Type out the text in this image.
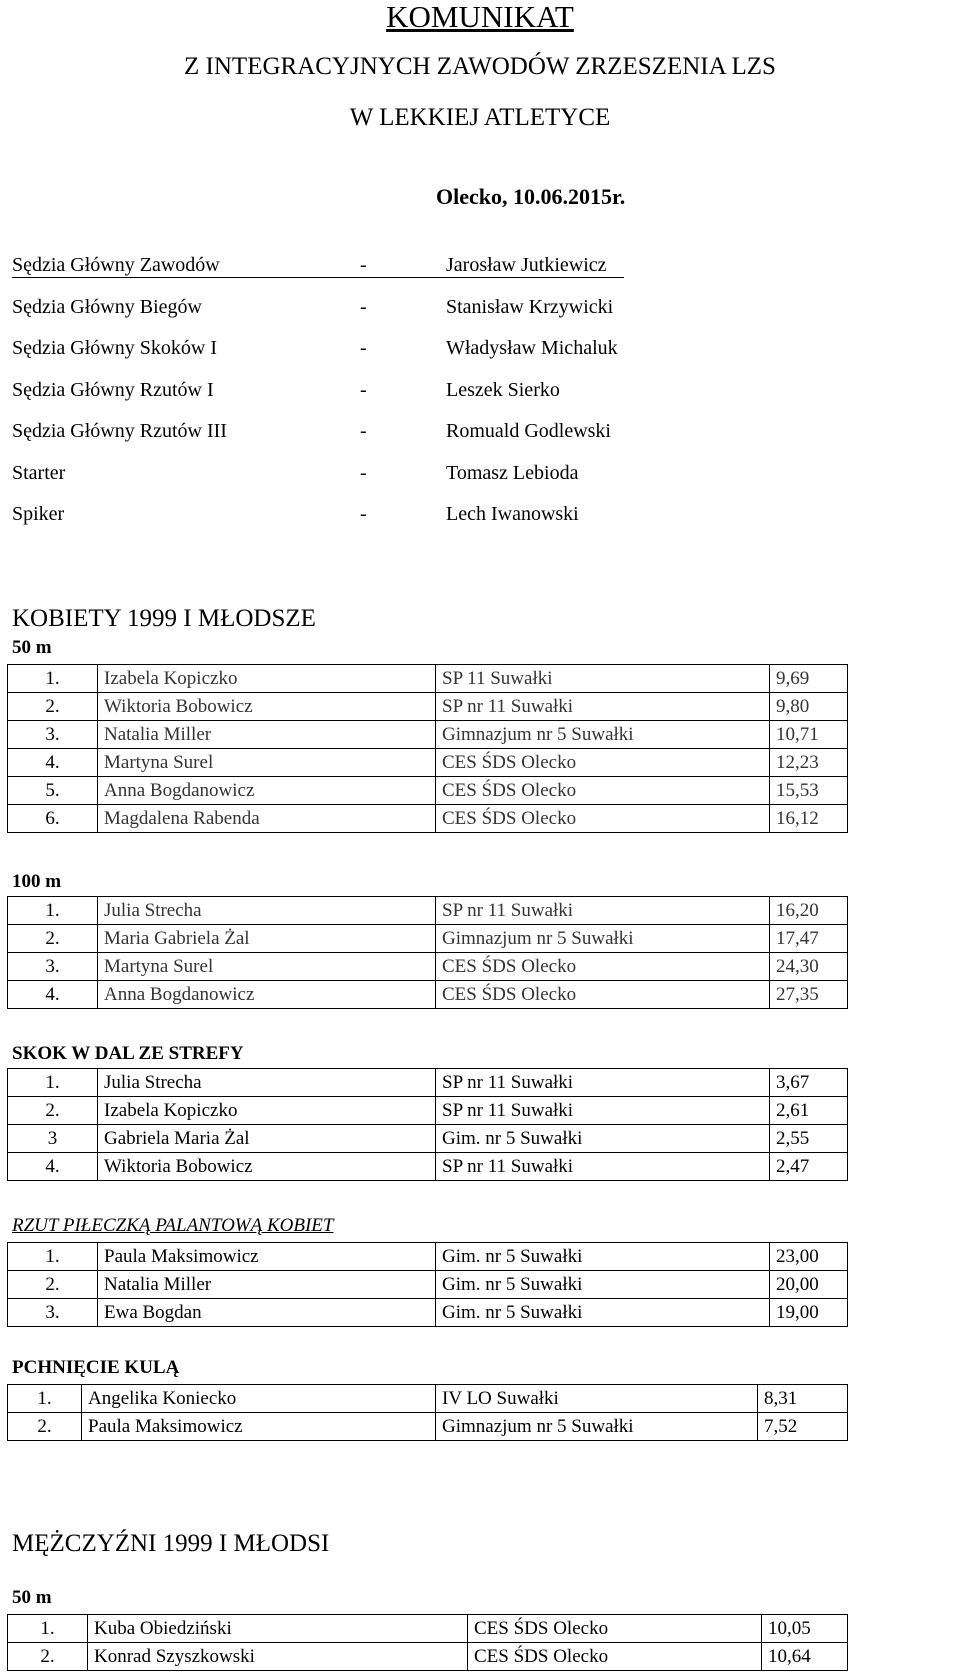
KOMUNIKAT
Z INTEGRACYJNYCH ZAWODÓW ZRZESZENIA LZS
W LEKKIEJ ATLETYCE
Olecko, 10.06.2015r.
Sędzia Główny Zawodów	-	Jarosław Jutkiewicz
Sędzia Główny Biegów	-	Stanisław Krzywicki
Sędzia Główny Skoków I	-	Władysław Michaluk
Sędzia Główny Rzutów I	-	Leszek Sierko
Sędzia Główny Rzutów III	-	Romuald Godlewski
Starter	-	Tomasz Lebioda
Spiker	-	Lech Iwanowski
KOBIETY 1999 I MŁODSZE
50 m
1.	Izabela Kopiczko	SP 11 Suwałki	9,69
2.	Wiktoria Bobowicz	SP nr 11 Suwałki	9,80
3.	Natalia Miller	Gimnazjum nr 5 Suwałki	10,71
4.	Martyna Surel	CES ŚDS Olecko	12,23
5.	Anna Bogdanowicz	CES ŚDS Olecko	15,53
6.	Magdalena Rabenda	CES ŚDS Olecko	16,12
100 m
1.	Julia Strecha	SP nr 11 Suwałki	16,20
2.	Maria Gabriela Żal	Gimnazjum nr 5 Suwałki	17,47
3.	Martyna Surel	CES ŚDS Olecko	24,30
4.	Anna Bogdanowicz	CES ŚDS Olecko	27,35
SKOK W DAL ZE STREFY
1.	Julia Strecha	SP nr 11 Suwałki	3,67
2.	Izabela Kopiczko	SP nr 11 Suwałki	2,61
3	Gabriela Maria Żal	Gim. nr 5 Suwałki	2,55
4.	Wiktoria Bobowicz	SP nr 11 Suwałki	2,47
RZUT PIŁECZKĄ PALANTOWĄ KOBIET
1.	Paula Maksimowicz	Gim. nr 5 Suwałki	23,00
2.	Natalia Miller	Gim. nr 5 Suwałki	20,00
3.	Ewa Bogdan	Gim. nr 5 Suwałki	19,00
PCHNIĘCIE KULĄ
1.	Angelika Koniecko	IV LO Suwałki	8,31
2.	Paula Maksimowicz	Gimnazjum nr 5 Suwałki	7,52
MĘŻCZYŹNI 1999 I MŁODSI
50 m
1.	Kuba Obiedziński	CES ŚDS Olecko	10,05
2.	Konrad Szyszkowski	CES ŚDS Olecko	10,64
